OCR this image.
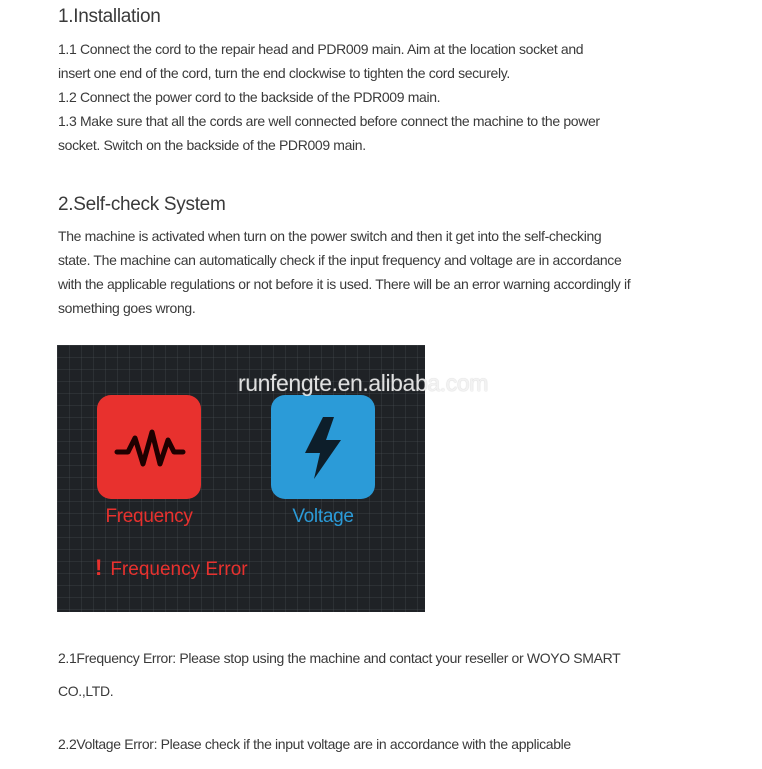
1.Installation

1.1 Connect the cord to the repair head and PDR009 main. Aim at the location socket and
insert one end of the cord, turn the end clockwise to tighten the cord securely.

1.2 Connect the power cord to the backside of the PDR009 main.

1.3 Make sure that all the cords are well connected before connect the machine to the power
socket. Switch on the backside of the PDR009 main.

2.Self-check System

The machine is activated when turn on the power switch and then it get into the self-checking
state. The machine can automatically check if the input frequency and voltage are in accordance
with the applicable regulations or not before it is used. There will be an error warning accordingly if
something goes wrong.

Frequency	Voltage
! Frequency Error
runfengte.en.alibaba.com

2.1Frequency Error: Please stop using the machine and contact your reseller or WOYO SMART
CO.,LTD.

2.2Voltage Error: Please check if the input voltage are in accordance with the applicable
